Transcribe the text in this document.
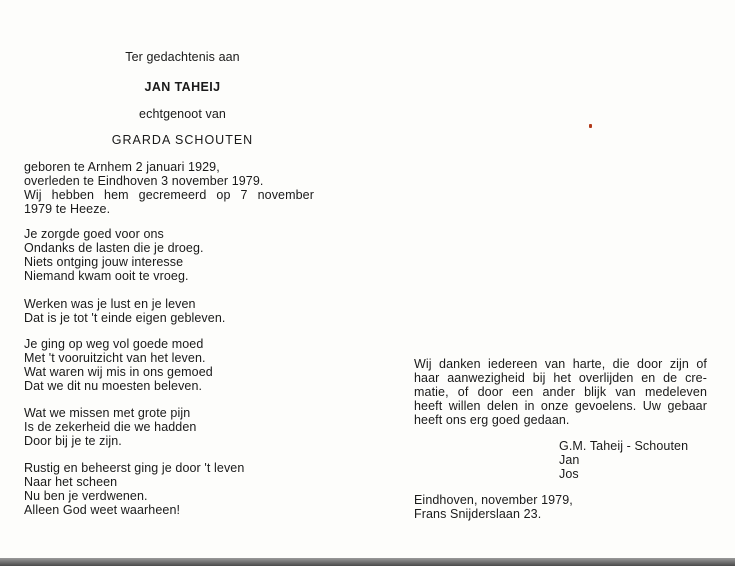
Ter gedachtenis aan
JAN TAHEIJ
echtgenoot van
GRARDA SCHOUTEN
geboren te Arnhem 2 januari 1929,
overleden te Eindhoven 3 november 1979.
Wij hebben hem gecremeerd op 7 november
1979 te Heeze.
Je zorgde goed voor ons
Ondanks de lasten die je droeg.
Niets ontging jouw interesse
Niemand kwam ooit te vroeg.
Werken was je lust en je leven
Dat is je tot 't einde eigen gebleven.
Je ging op weg vol goede moed
Met 't vooruitzicht van het leven.
Wat waren wij mis in ons gemoed
Dat we dit nu moesten beleven.
Wat we missen met grote pijn
Is de zekerheid die we hadden
Door bij je te zijn.
Rustig en beheerst ging je door 't leven
Naar het scheen
Nu ben je verdwenen.
Alleen God weet waarheen!
Wij danken iedereen van harte, die door zijn of
haar aanwezigheid bij het overlijden en de cre-
matie, of door een ander blijk van medeleven
heeft willen delen in onze gevoelens. Uw gebaar
heeft ons erg goed gedaan.
G.M. Taheij - Schouten
Jan
Jos
Eindhoven, november 1979,
Frans Snijderslaan 23.
